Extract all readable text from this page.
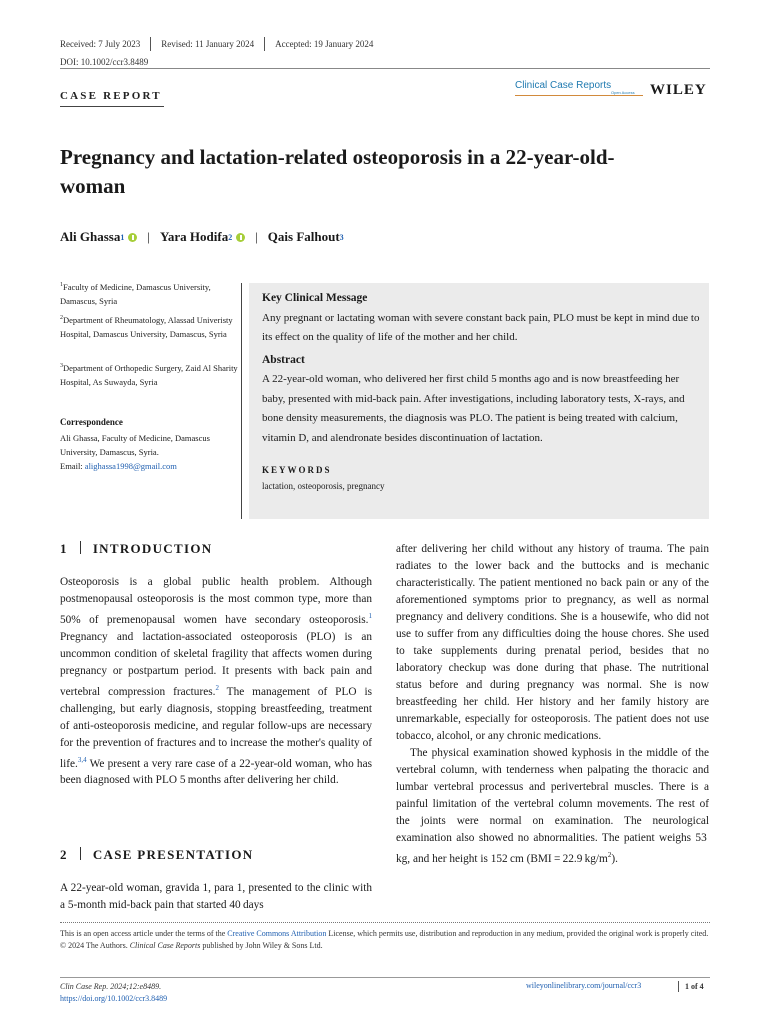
Received: 7 July 2023 Revised: 11 January 2024 Accepted: 19 January 2024
DOI: 10.1002/ccr3.8489
CASE REPORT
Clinical Case Reports
Open Access WILEY
Pregnancy and lactation-related osteoporosis in a 22-year-old-woman
Ali Ghassa 1 | Yara Hodifa 2 | Qais Falhout 3
$^1$Faculty of Medicine, Damascus University, Damascus, Syria
$^2$Department of Rheumatology, Alassad Univeristy Hospital, Damascus University, Damascus, Syria
$^3$Department of Orthopedic Surgery, Zaid Al Sharity Hospital, As Suwayda, Syria
Correspondence
Ali Ghassa, Faculty of Medicine, Damascus University, Damascus, Syria.
Email: alighassa1998@gmail.com
Key Clinical Message
Any pregnant or lactating woman with severe constant back pain, PLO must be kept in mind due to its effect on the quality of life of the mother and her child.
Abstract
A 22-year-old woman, who delivered her first child 5 months ago and is now breastfeeding her baby, presented with mid-back pain. After investigations, including laboratory tests, X-rays, and bone density measurements, the diagnosis was PLO. The patient is being treated with calcium, vitamin D, and alendronate besides discontinuation of lactation.
KEYWORDS
lactation, osteoporosis, pregnancy
1 INTRODUCTION

Osteoporosis is a global public health problem. Although postmenopausal osteoporosis is the most common type, more than 50% of premenopausal women have secondary osteoporosis.$^1$ Pregnancy and lactation-associated osteoporosis (PLO) is an uncommon condition of skeletal fragility that affects women during pregnancy or postpartum period. It presents with back pain and vertebral compression fractures.$^2$ The management of PLO is challenging, but early diagnosis, stopping breastfeeding, treatment of anti-osteoporosis medicine, and regular follow-ups are necessary for the prevention of fractures and to increase the mother's quality of life.$^{3,4}$ We present a very rare case of a 22-year-old woman, who has been diagnosed with PLO 5 months after delivering her child.

2 CASE PRESENTATION

A 22-year-old woman, gravida 1, para 1, presented to the clinic with a 5-month mid-back pain that started 40 days

after delivering her child without any history of trauma. The pain radiates to the lower back and the buttocks and is mechanic characteristically. The patient mentioned no back pain or any of the aforementioned symptoms prior to pregnancy, as well as normal pregnancy and delivery conditions. She is a housewife, who did not use to suffer from any difficulties doing the house chores. She used to take supplements during prenatal period, besides that no laboratory checkup was done during that phase. The nutritional status before and during pregnancy was normal. She is now breastfeeding her child. Her history and her family history are unremarkable, especially for osteoporosis. The patient does not use tobacco, alcohol, or any chronic medications.

The physical examination showed kyphosis in the middle of the vertebral column, with tenderness when palpating the thoracic and lumbar vertebral processus and perivertebral muscles. There is a painful limitation of the vertebral column movements. The rest of the joints were normal on examination. The neurological examination also showed no abnormalities. The patient weighs 53 kg, and her height is 152 cm (BMI = 22.9 $kg/m^2$).

This is an open access article under the terms of the Creative Commons Attribution License, which permits use, distribution and reproduction in any medium, provided the original work is properly cited.
© 2024 The Authors. Clinical Case Reports published by John Wiley & Sons Ltd.
Clin Case Rep. 2024;12:e8489.
https://doi.org/10.1002/ccr3.8489
wileyonlinelibrary.com/journal/ccr3	1 of 4
